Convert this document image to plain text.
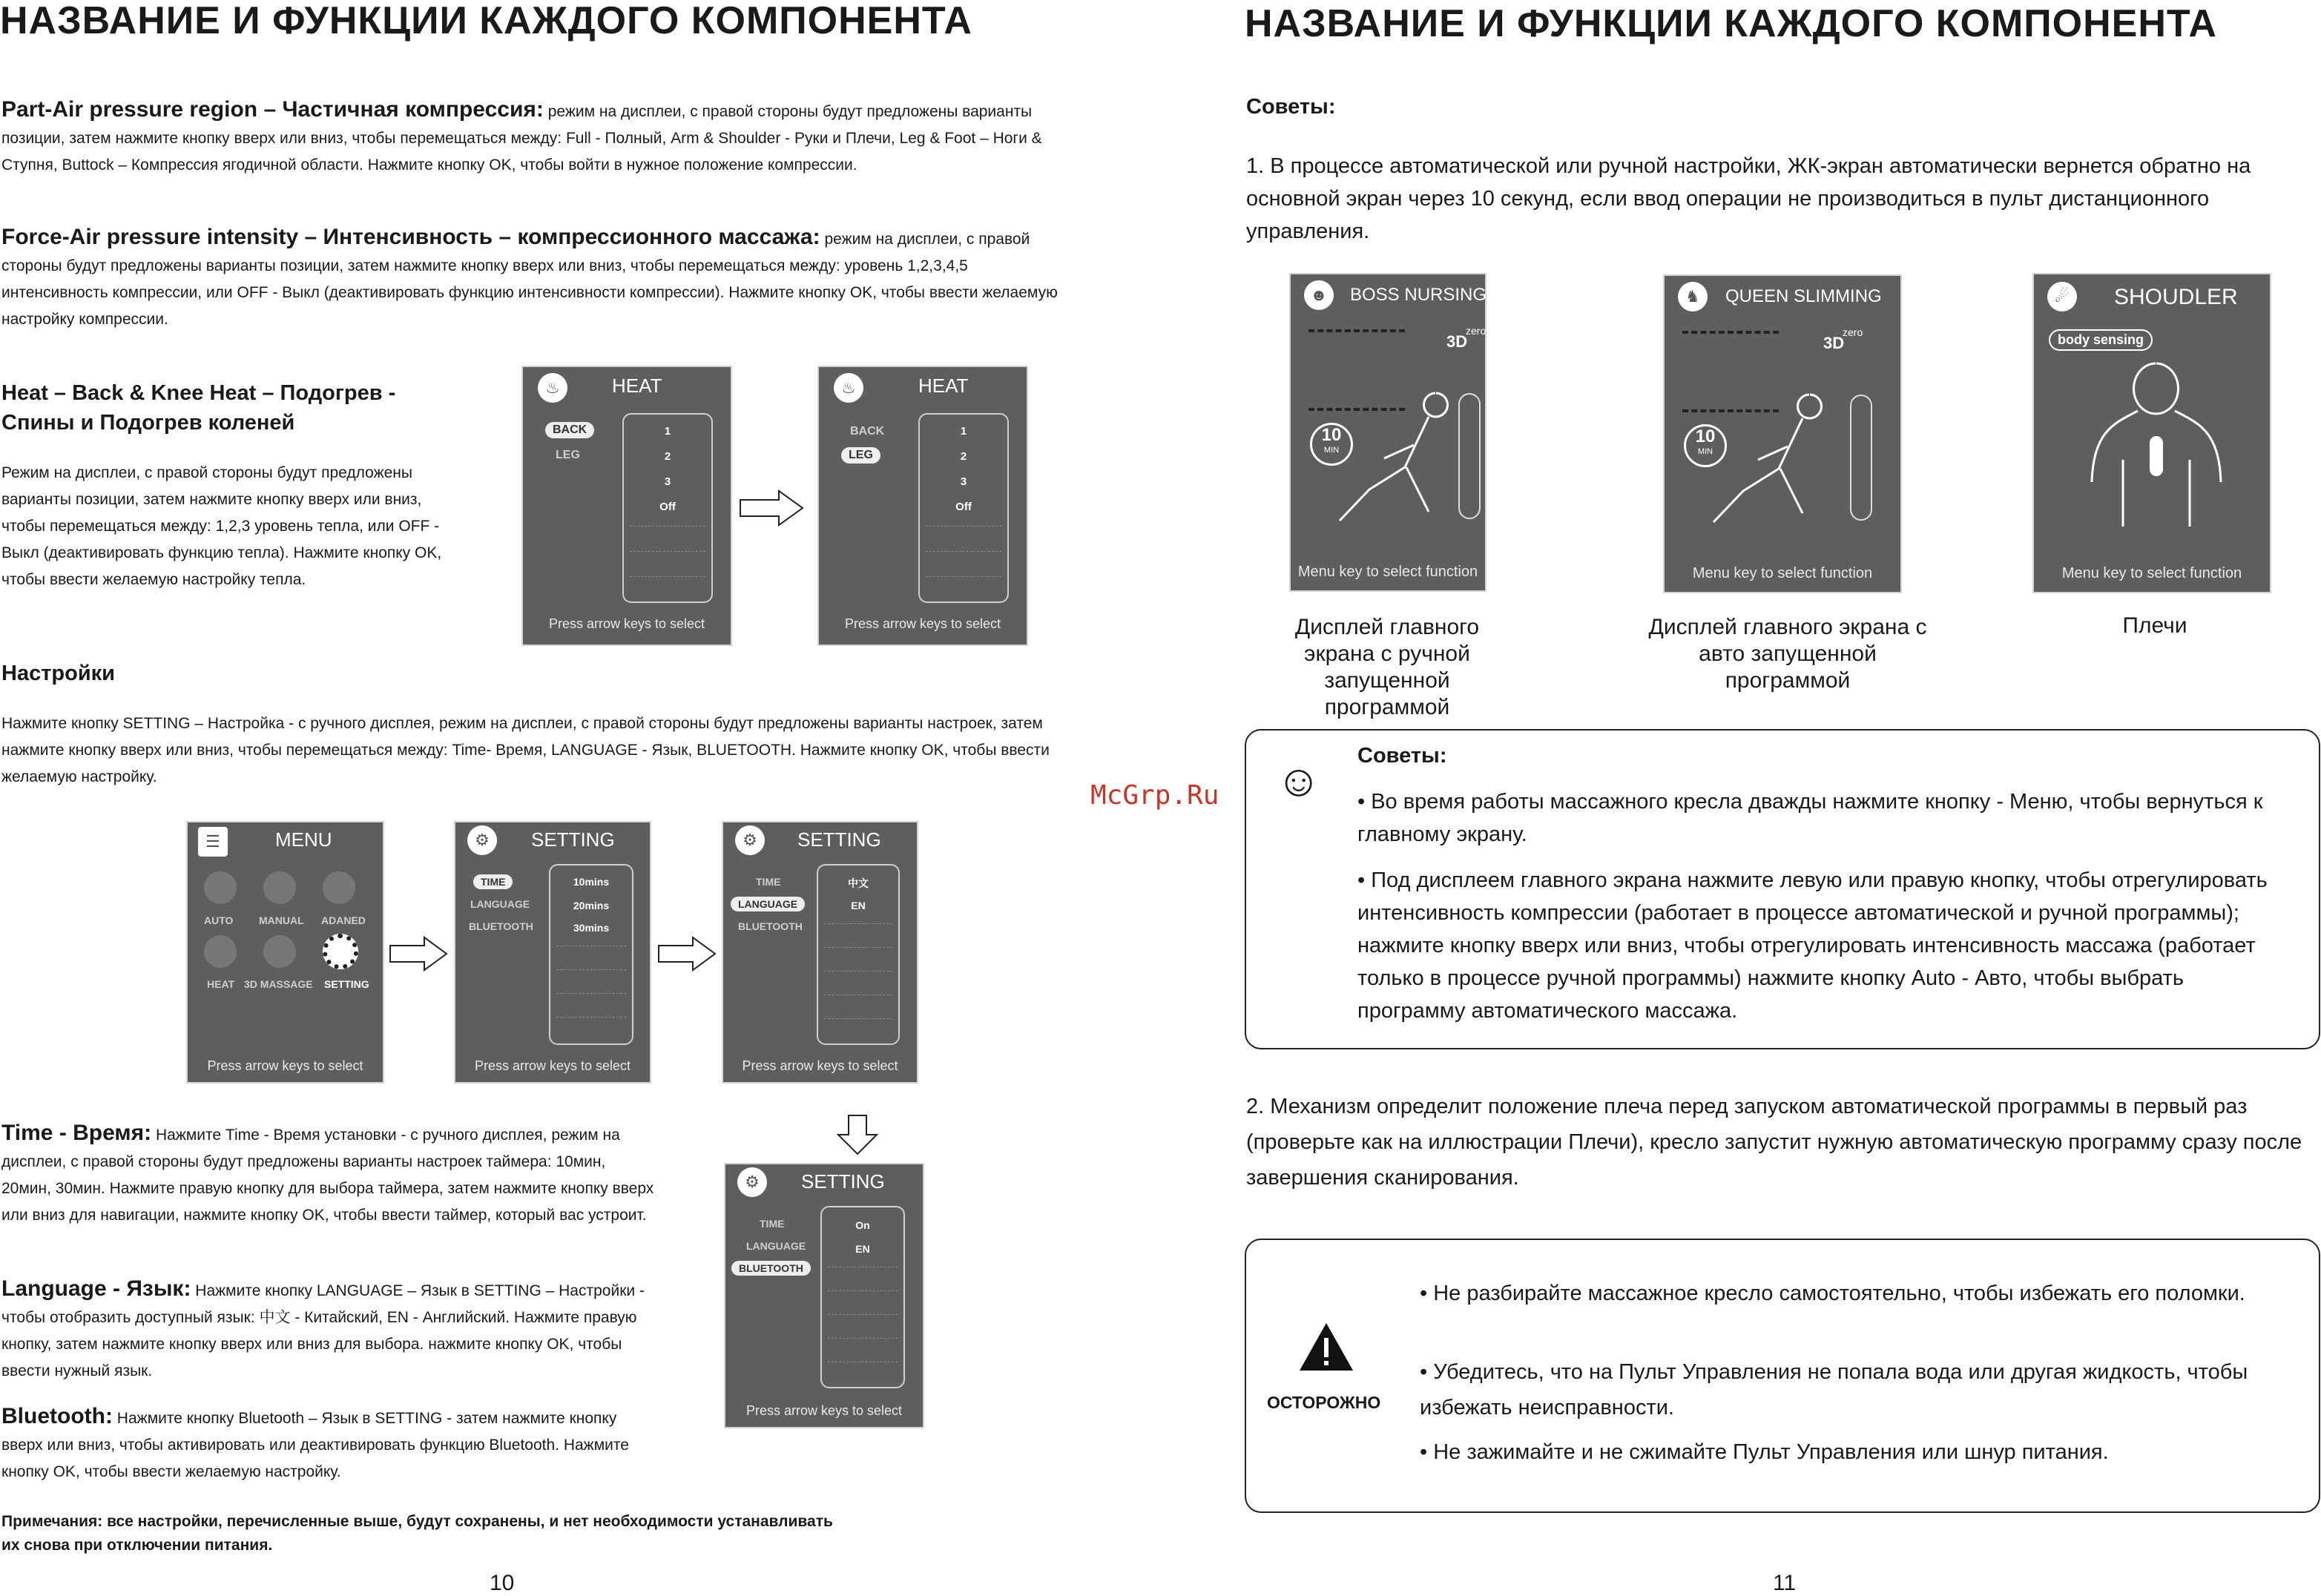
НАЗВАНИЕ И ФУНКЦИИ КАЖДОГО КОМПОНЕНТА
Part-Air pressure region – Частичная компрессия: режим на дисплеи, с правой стороны будут предложены варианты позиции, затем нажмите кнопку вверх или вниз, чтобы перемещаться между: Full - Полный, Arm & Shoulder - Руки и Плечи, Leg & Foot – Ноги & Ступня, Buttock – Компрессия ягодичной области. Нажмите кнопку OK, чтобы войти в нужное положение компрессии.
Force-Air pressure intensity – Интенсивность – компрессионного массажа: режим на дисплеи, с правой стороны будут предложены варианты позиции, затем нажмите кнопку вверх или вниз, чтобы перемещаться между: уровень 1,2,3,4,5 интенсивность компрессии, или OFF - Выкл (деактивировать функцию интенсивности компрессии). Нажмите кнопку OK, чтобы ввести желаемую настройку компрессии.
Heat – Back & Knee Heat – Подогрев - Спины и Подогрев коленей
Режим на дисплеи, с правой стороны будут предложены варианты позиции, затем нажмите кнопку вверх или вниз, чтобы перемещаться между: 1,2,3 уровень тепла, или OFF - Выкл (деактивировать функцию тепла). Нажмите кнопку OK, чтобы ввести желаемую настройку тепла.
♨	HEAT
BACK
LEG
1
2
3
Off
Press arrow keys to select
♨	HEAT
BACK
LEG
1
2
3
Off
Press arrow keys to select
Настройки
Нажмите кнопку SETTING – Настройка - с ручного дисплея, режим на дисплеи, с правой стороны будут предложены варианты настроек, затем нажмите кнопку вверх или вниз, чтобы перемещаться между: Time- Время, LANGUAGE - Язык, BLUETOOTH. Нажмите кнопку OK, чтобы ввести желаемую настройку.
☰	MENU
AUTO MANUAL ADANED
HEAT 3D MASSAGE SETTING
Press arrow keys to select
⚙	SETTING
TIME
LANGUAGE
BLUETOOTH
10mins
20mins
30mins
Press arrow keys to select
⚙	SETTING
TIME
LANGUAGE
BLUETOOTH
中文
EN
Press arrow keys to select
⚙	SETTING
TIME
LANGUAGE
BLUETOOTH
On
EN
Press arrow keys to select
Time - Время: Нажмите Time - Время установки - с ручного дисплея, режим на дисплеи, с правой стороны будут предложены варианты настроек таймера: 10мин, 20мин, 30мин. Нажмите правую кнопку для выбора таймера, затем нажмите кнопку вверх или вниз для навигации, нажмите кнопку OK, чтобы ввести таймер, который вас устроит.
Language - Язык: Нажмите кнопку LANGUAGE – Язык в SETTING – Настройки - чтобы отобразить доступный язык: 中文 - Китайский, EN - Английский. Нажмите правую кнопку, затем нажмите кнопку вверх или вниз для выбора. нажмите кнопку OK, чтобы ввести нужный язык.
Bluetooth: Нажмите кнопку Bluetooth – Язык в SETTING - затем нажмите кнопку вверх или вниз, чтобы активировать или деактивировать функцию Bluetooth. Нажмите кнопку OK, чтобы ввести желаемую настройку.
Примечания: все настройки, перечисленные выше, будут сохранены, и нет необходимости устанавливать их снова при отключении питания.
10
НАЗВАНИЕ И ФУНКЦИИ КАЖДОГО КОМПОНЕНТА
Советы:
1. В процессе автоматической или ручной настройки, ЖК-экран автоматически вернется обратно на основной экран через 10 секунд, если ввод операции не производиться в пульт дистанционного управления.
☻	BOSS NURSING
3D
zero
10
MIN
Menu key to select function
♞	QUEEN SLIMMING
3D
zero
10
MIN
Menu key to select function
☄	SHOUDLER
body sensing
Menu key to select function
Дисплей главного экрана с ручной запущенной программой
Дисплей главного экрана с авто запущенной программой
Плечи
McGrp.Ru ☺ Советы:
• Во время работы массажного кресла дважды нажмите кнопку - Меню, чтобы вернуться к главному экрану.
• Под дисплеем главного экрана нажмите левую или правую кнопку, чтобы отрегулировать интенсивность компрессии (работает в процессе автоматической и ручной программы); нажмите кнопку вверх или вниз, чтобы отрегулировать интенсивность массажа (работает только в процессе ручной программы) нажмите кнопку Auto - Авто, чтобы выбрать программу автоматического массажа.
2. Механизм определит положение плеча перед запуском автоматической программы в первый раз (проверьте как на иллюстрации Плечи), кресло запустит нужную автоматическую программу сразу после завершения сканирования.
ОСТОРОЖНО
• Не разбирайте массажное кресло самостоятельно, чтобы избежать его поломки.
• Убедитесь, что на Пульт Управления не попала вода или другая жидкость, чтобы избежать неисправности.
• Не зажимайте и не сжимайте Пульт Управления или шнур питания.
11
